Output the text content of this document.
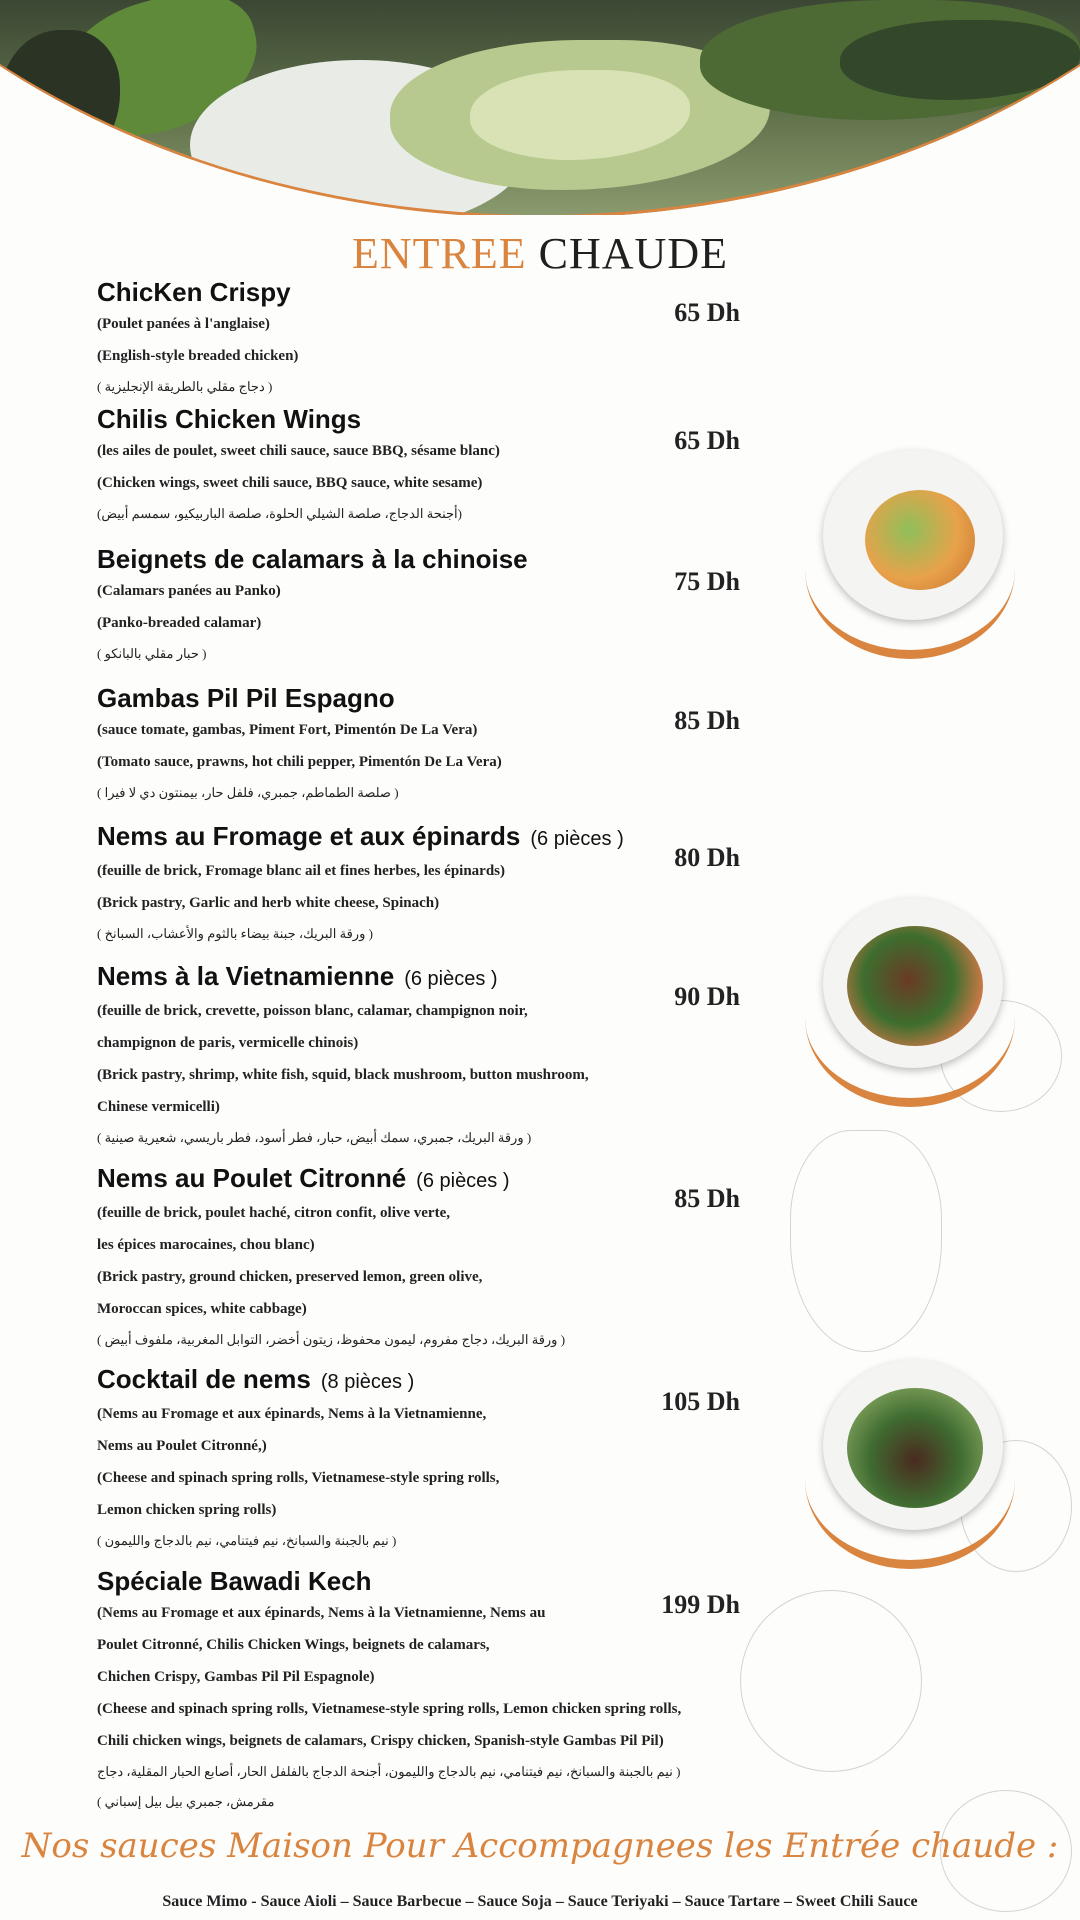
ENTREE CHAUDE
ChicKen Crispy
(Poulet panées à l'anglaise)
(English-style breaded chicken)
( دجاج مقلي بالطريقة الإنجليزية )
65 Dh
Chilis Chicken Wings
(les ailes de poulet, sweet chili sauce, sauce BBQ, sésame blanc)
(Chicken wings, sweet chili sauce, BBQ sauce, white sesame)
(أجنحة الدجاج، صلصة الشيلي الحلوة، صلصة الباربيكيو، سمسم أبيض)
65 Dh
Beignets de calamars à la chinoise
(Calamars panées au Panko)
(Panko-breaded calamar)
( حبار مقلي بالبانكو )
75 Dh
Gambas Pil Pil Espagno
(sauce tomate, gambas, Piment Fort, Pimentón De La Vera)
(Tomato sauce, prawns, hot chili pepper, Pimentón De La Vera)
( صلصة الطماطم، جمبري، فلفل حار، بيمنتون دي لا فيرا )
85 Dh
Nems au Fromage et aux épinards (6 pièces )
(feuille de brick, Fromage blanc ail et fines herbes, les épinards)
(Brick pastry, Garlic and herb white cheese, Spinach)
( ورقة البريك، جبنة بيضاء بالثوم والأعشاب، السبانخ )
80 Dh
Nems à la Vietnamienne (6 pièces )
(feuille de brick, crevette, poisson blanc, calamar, champignon noir,
champignon de paris, vermicelle chinois)
(Brick pastry, shrimp, white fish, squid, black mushroom, button mushroom,
Chinese vermicelli)
( ورقة البريك، جمبري، سمك أبيض، حبار، فطر أسود، فطر باريسي، شعيرية صينية )
90 Dh
Nems au Poulet Citronné (6 pièces )
(feuille de brick, poulet haché, citron confit, olive verte,
les épices marocaines, chou blanc)
(Brick pastry, ground chicken, preserved lemon, green olive,
Moroccan spices, white cabbage)
( ورقة البريك، دجاج مفروم، ليمون محفوظ، زيتون أخضر، التوابل المغربية، ملفوف أبيض )
85 Dh
Cocktail de nems (8 pièces )
(Nems au Fromage et aux épinards, Nems à la Vietnamienne,
Nems au Poulet Citronné,)
(Cheese and spinach spring rolls, Vietnamese-style spring rolls,
Lemon chicken spring rolls)
( نيم بالجبنة والسبانخ، نيم فيتنامي، نيم بالدجاج والليمون )
105 Dh
Spéciale Bawadi Kech
(Nems au Fromage et aux épinards, Nems à la Vietnamienne, Nems au
Poulet Citronné, Chilis Chicken Wings, beignets de calamars,
Chichen Crispy, Gambas Pil Pil Espagnole)
(Cheese and spinach spring rolls, Vietnamese-style spring rolls, Lemon chicken spring rolls,
Chili chicken wings, beignets de calamars, Crispy chicken, Spanish-style Gambas Pil Pil)
( نيم بالجبنة والسبانخ، نيم فيتنامي، نيم بالدجاج والليمون، أجنحة الدجاج بالفلفل الحار، أصابع الحبار المقلية، دجاج مقرمش، جمبري بيل بيل إسباني )
199 Dh
Nos sauces Maison Pour Accompagnees les Entrée chaude :
Sauce Mimo - Sauce Aioli – Sauce Barbecue – Sauce Soja – Sauce Teriyaki – Sauce Tartare – Sweet Chili Sauce
